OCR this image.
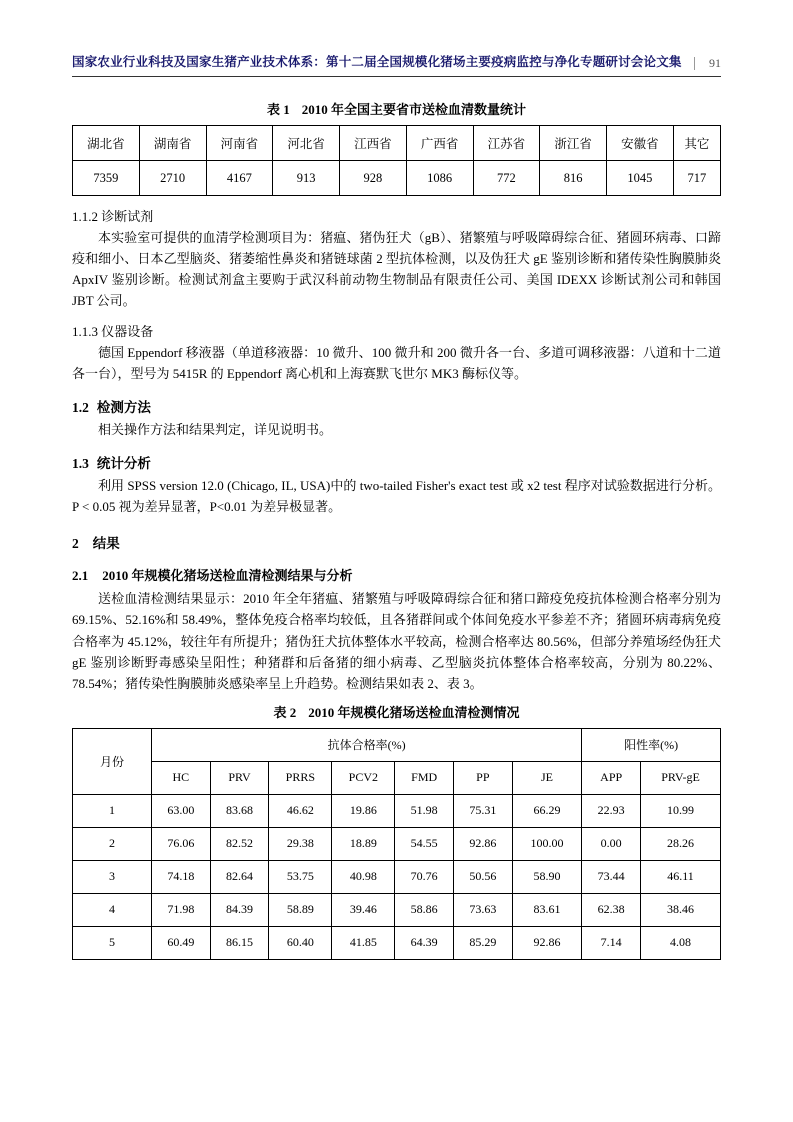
国家农业行业科技及国家生猪产业技术体系：第十二届全国规模化猪场主要疫病监控与净化专题研讨会论文集	91
表 1 2010 年全国主要省市送检血清数量统计
湖北省	湖南省	河南省	河北省	江西省	广西省	江苏省	浙江省	安徽省	其它
7359	2710	4167	913	928	1086	772	816	1045	717
1.1.2 诊断试剂

本实验室可提供的血清学检测项目为：猪瘟、猪伪狂犬（gB）、猪繁殖与呼吸障碍综合征、猪圆环病毒、口蹄疫和细小、日本乙型脑炎、猪萎缩性鼻炎和猪链球菌 2 型抗体检测，以及伪狂犬 gE 鉴别诊断和猪传染性胸膜肺炎 ApxIV 鉴别诊断。检测试剂盒主要购于武汉科前动物生物制品有限责任公司、美国 IDEXX 诊断试剂公司和韩国 JBT 公司。

1.1.3 仪器设备

德国 Eppendorf 移液器（单道移液器：10 微升、100 微升和 200 微升各一台、多道可调移液器：八道和十二道各一台），型号为 5415R 的 Eppendorf 离心机和上海赛默飞世尔 MK3 酶标仪等。

1.2 检测方法

相关操作方法和结果判定，详见说明书。

1.3 统计分析

利用 SPSS version 12.0 (Chicago, IL, USA)中的 two-tailed Fisher's exact test 或 x2 test 程序对试验数据进行分析。P < 0.05 视为差异显著，P<0.01 为差异极显著。

2 结果
2.1 2010 年规模化猪场送检血清检测结果与分析

送检血清检测结果显示：2010 年全年猪瘟、猪繁殖与呼吸障碍综合征和猪口蹄疫免疫抗体检测合格率分别为 69.15%、52.16%和 58.49%，整体免疫合格率均较低，且各猪群间或个体间免疫水平参差不齐；猪圆环病毒病免疫合格率为 45.12%，较往年有所提升；猪伪狂犬抗体整体水平较高，检测合格率达 80.56%，但部分养殖场经伪狂犬 gE 鉴别诊断野毒感染呈阳性；种猪群和后备猪的细小病毒、乙型脑炎抗体整体合格率较高，分别为 80.22%、78.54%；猪传染性胸膜肺炎感染率呈上升趋势。检测结果如表 2、表 3。

表 2 2010 年规模化猪场送检血清检测情况
月份	抗体合格率(%)							阳性率(%)	
	HC	PRV	PRRS	PCV2	FMD	PP	JE	APP	PRV-gE
1	63.00	83.68	46.62	19.86	51.98	75.31	66.29	22.93	10.99
2	76.06	82.52	29.38	18.89	54.55	92.86	100.00	0.00	28.26
3	74.18	82.64	53.75	40.98	70.76	50.56	58.90	73.44	46.11
4	71.98	84.39	58.89	39.46	58.86	73.63	83.61	62.38	38.46
5	60.49	86.15	60.40	41.85	64.39	85.29	92.86	7.14	4.08
